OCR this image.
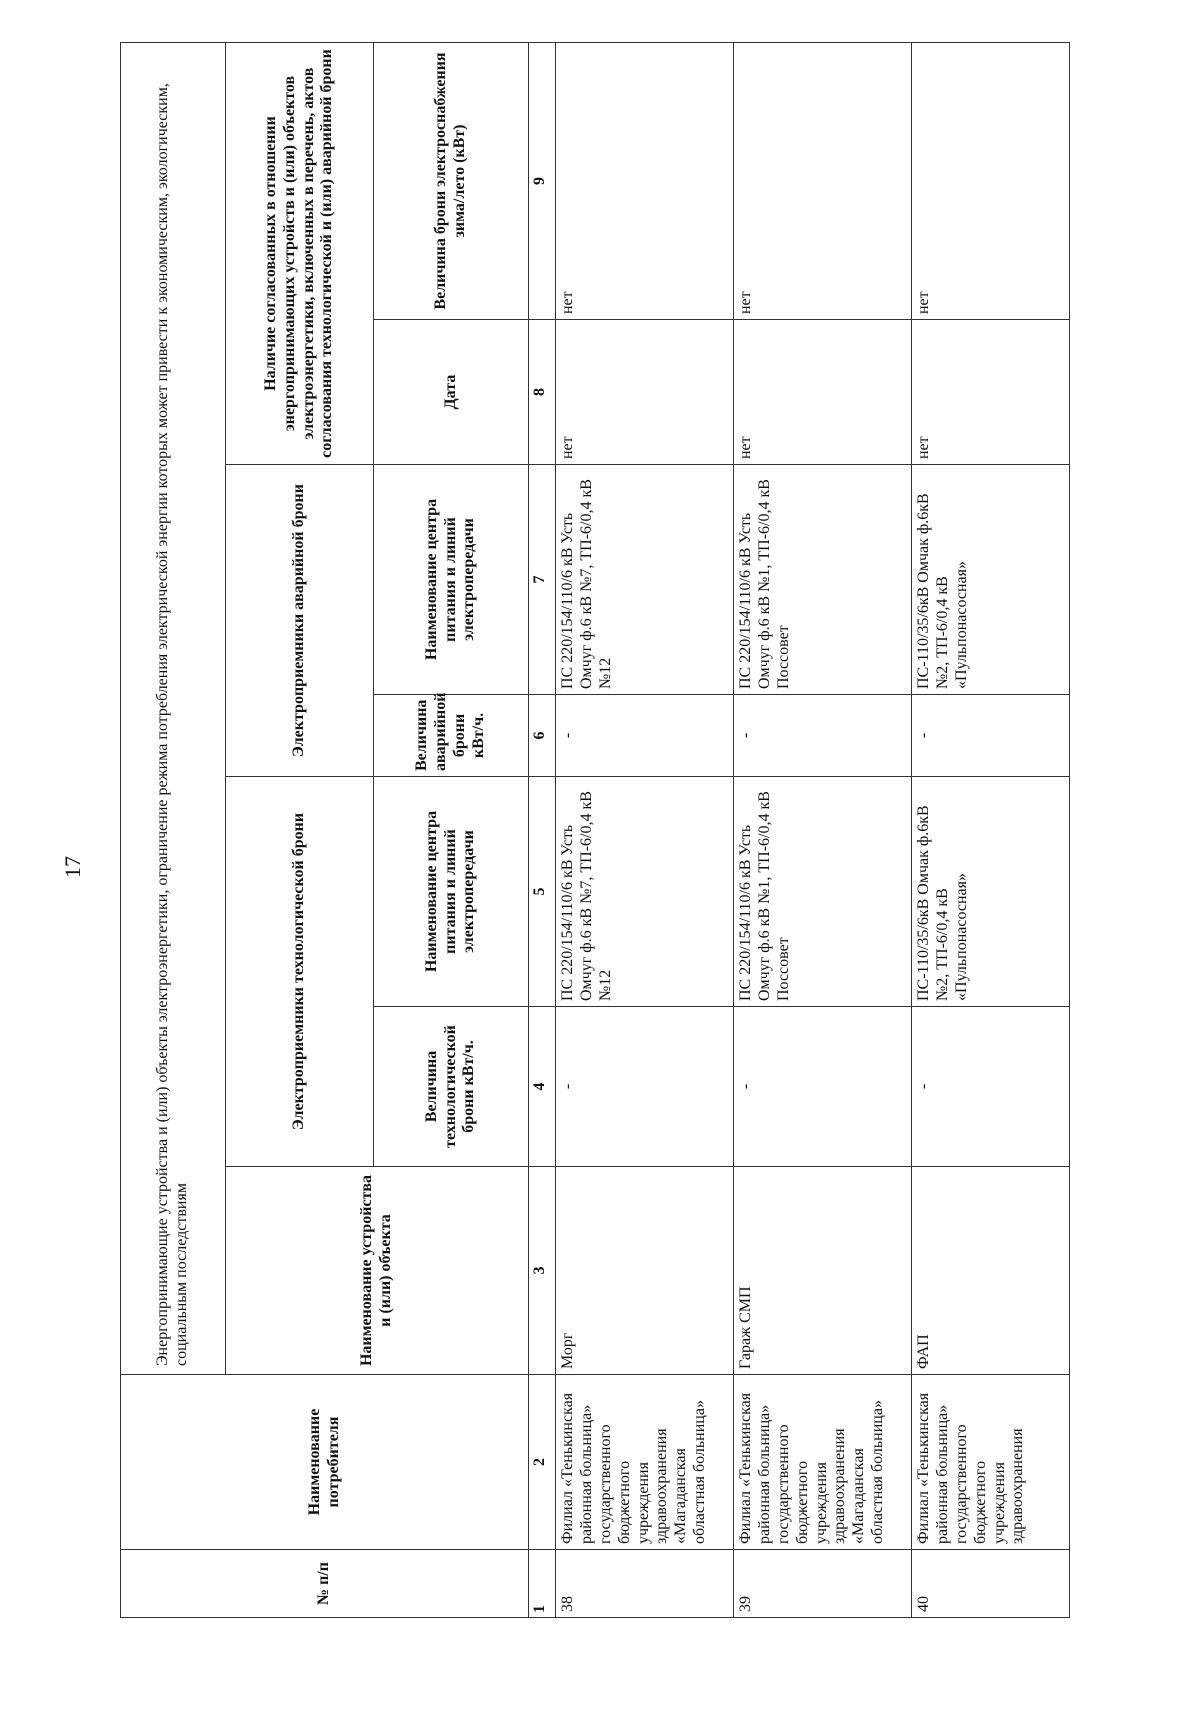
17
№ п/п	Наименование потребителя	Энергопринимающие устройства и (или) объекты электроэнергетики, ограничение режима потребления электрической энергии которых может привести к экономическим, экологическим, социальным последствиям						
		Наименование устройства и (или) объекта	Электроприемники технологической брони		Электроприемники аварийной брони		Наличие согласованных в отношении энергопринимающих устройств и (или) объектов электроэнергетики, включенных в перечень, актов согласования технологической и (или) аварийной брони	
			Величина технологической брони кВт/ч.	Наименование центра питания и линий электропередачи	Величина аварийной брони кВт/ч.	Наименование центра питания и линий электропередачи	Дата	Величина брони электроснабжения зима/лето (кВт)
1	2	3	4	5	6	7	8	9
38	Филиал «Тенькинская районная больница» государственного бюджетного учреждения здравоохранения «Магаданская областная больница»	Морг	-	ПС 220/154/110/6 кВ Усть Омчуг ф.6 кВ №7, ТП-6/0,4 кВ №12	-	ПС 220/154/110/6 кВ Усть Омчуг ф.6 кВ №7, ТП-6/0,4 кВ №12	нет	нет
39	Филиал «Тенькинская районная больница» государственного бюджетного учреждения здравоохранения «Магаданская областная больница»	Гараж СМП	-	ПС 220/154/110/6 кВ Усть Омчуг ф.6 кВ №1, ТП-6/0,4 кВ Поссовет	-	ПС 220/154/110/6 кВ Усть Омчуг ф.6 кВ №1, ТП-6/0,4 кВ Поссовет	нет	нет
40	Филиал «Тенькинская районная больница» государственного бюджетного учреждения здравоохранения	ФАП	-	ПС-110/35/6кВ Омчак ф.6кВ №2, ТП-6/0,4 кВ «Пульпонасосная»	-	ПС-110/35/6кВ Омчак ф.6кВ №2, ТП-6/0,4 кВ «Пульпонасосная»	нет	нет
